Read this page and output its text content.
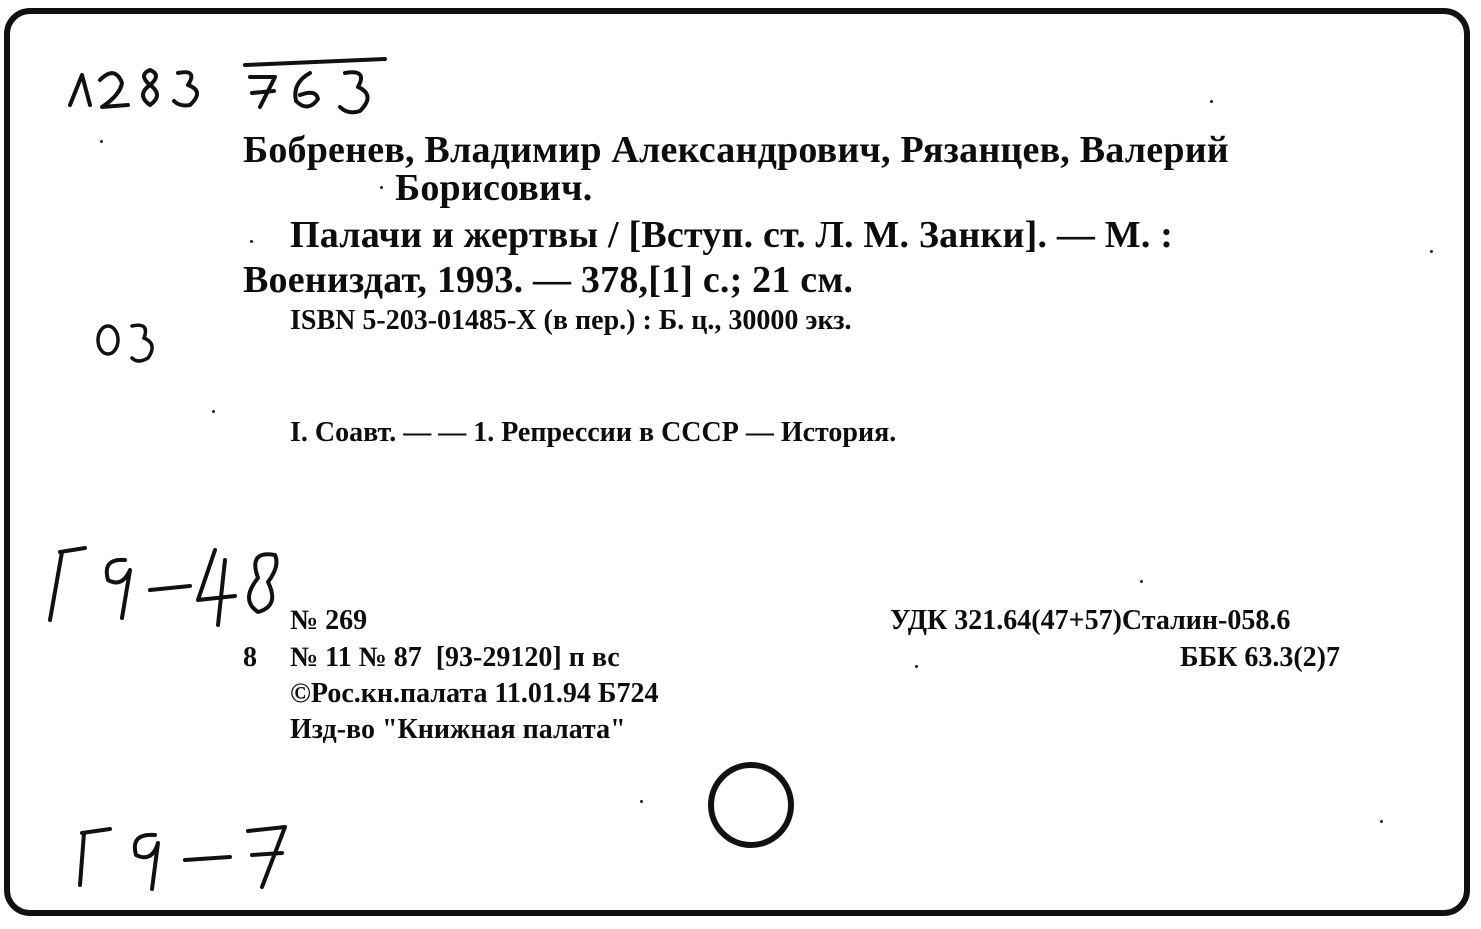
Бобренев, Владимир Александрович, Рязанцев, Валерий
Борисович.
Палачи и жертвы / [Вступ. ст. Л. М. Занки]. — М. :
Воениздат, 1993. — 378,[1] с.; 21 см.
ISBN 5-203-01485-X (в пер.) : Б. ц., 30000 экз.
I. Соавт. — — 1. Репрессии в СССР — История.
№ 269
8 № 11 № 87  [93-29120] п вс
©Рос.кн.палата 11.01.94 Б724
Изд-во "Книжная палата"
УДК 321.64(47+57)Сталин-058.6
ББК 63.3(2)7
